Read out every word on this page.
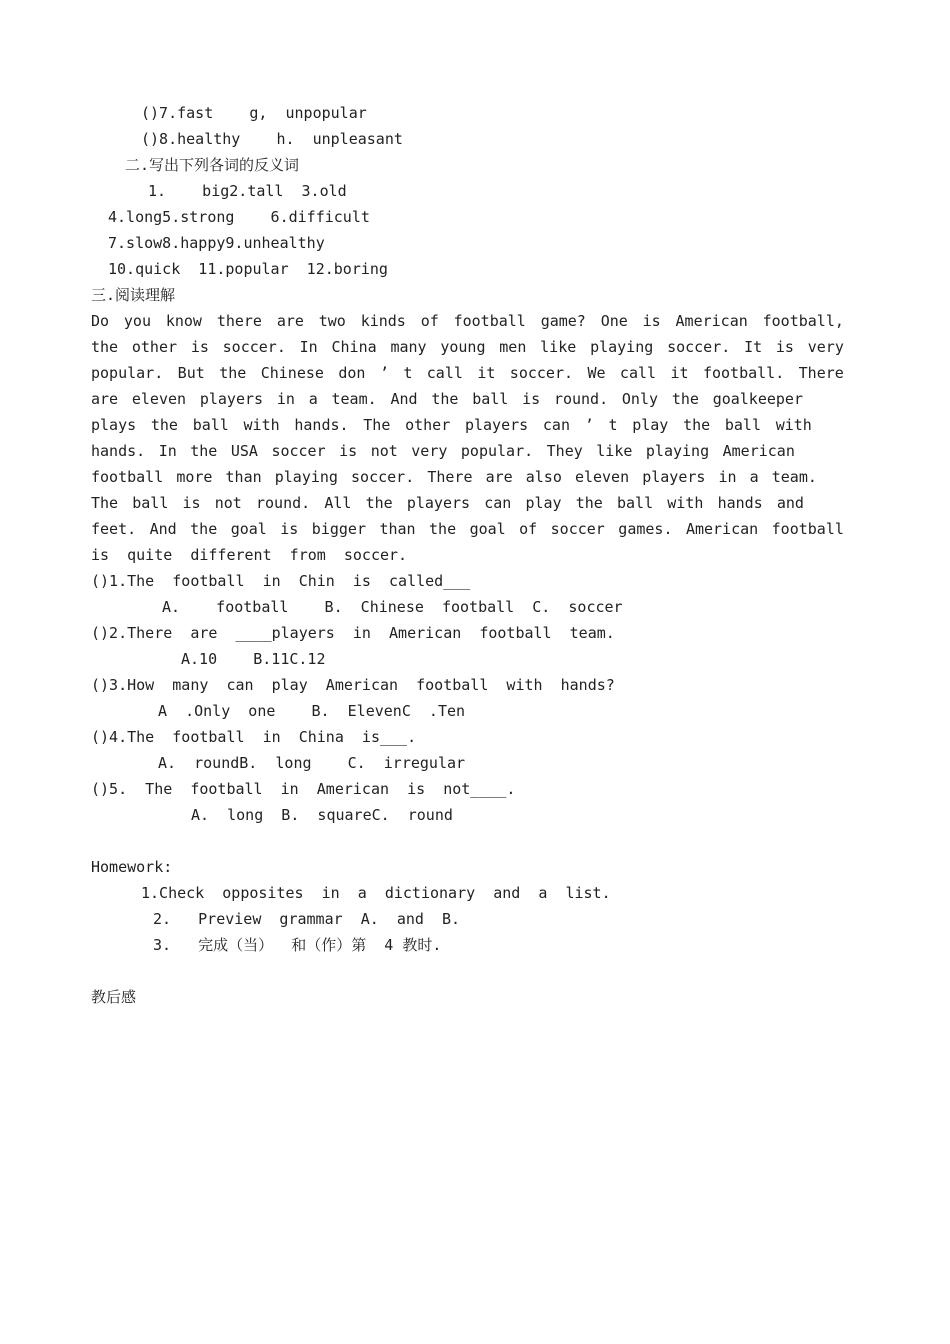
()7.fast    g,  unpopular
()8.healthy    h.  unpleasant
二.写出下列各词的反义词
1.    big2.tall  3.old
4.long5.strong    6.difficult
7.slow8.happy9.unhealthy
10.quick  11.popular  12.boring
三.阅读理解
Do you know there are two kinds of football game? One is American football,
the other is soccer. In China many young men like playing soccer. It is very
popular. But the Chinese don ’ t call it soccer. We call it football. There
are eleven players in a team. And the ball is round. Only the goalkeeper
plays the ball with hands. The other players can ’ t play the ball with
hands. In the USA soccer is not very popular. They like playing American
football more than playing soccer. There are also eleven players in a team.
The ball is not round. All the players can play the ball with hands and
feet. And the goal is bigger than the goal of soccer games. American football
is  quite  different  from  soccer.
()1.The  football  in  Chin  is  called___
A.    football    B.  Chinese  football  C.  soccer
()2.There  are  ____players  in  American  football  team.
A.10    B.11C.12
()3.How  many  can  play  American  football  with  hands?
A  .Only  one    B.  ElevenC  .Ten
()4.The  football  in  China  is___.
A.  roundB.  long    C.  irregular
()5.  The  football  in  American  is  not____.
A.  long  B.  squareC.  round
Homework:
1.Check  opposites  in  a  dictionary  and  a  list.
2.   Preview  grammar  A.  and  B.
3.   完成（当）  和（作）第  4 教时.
教后感
